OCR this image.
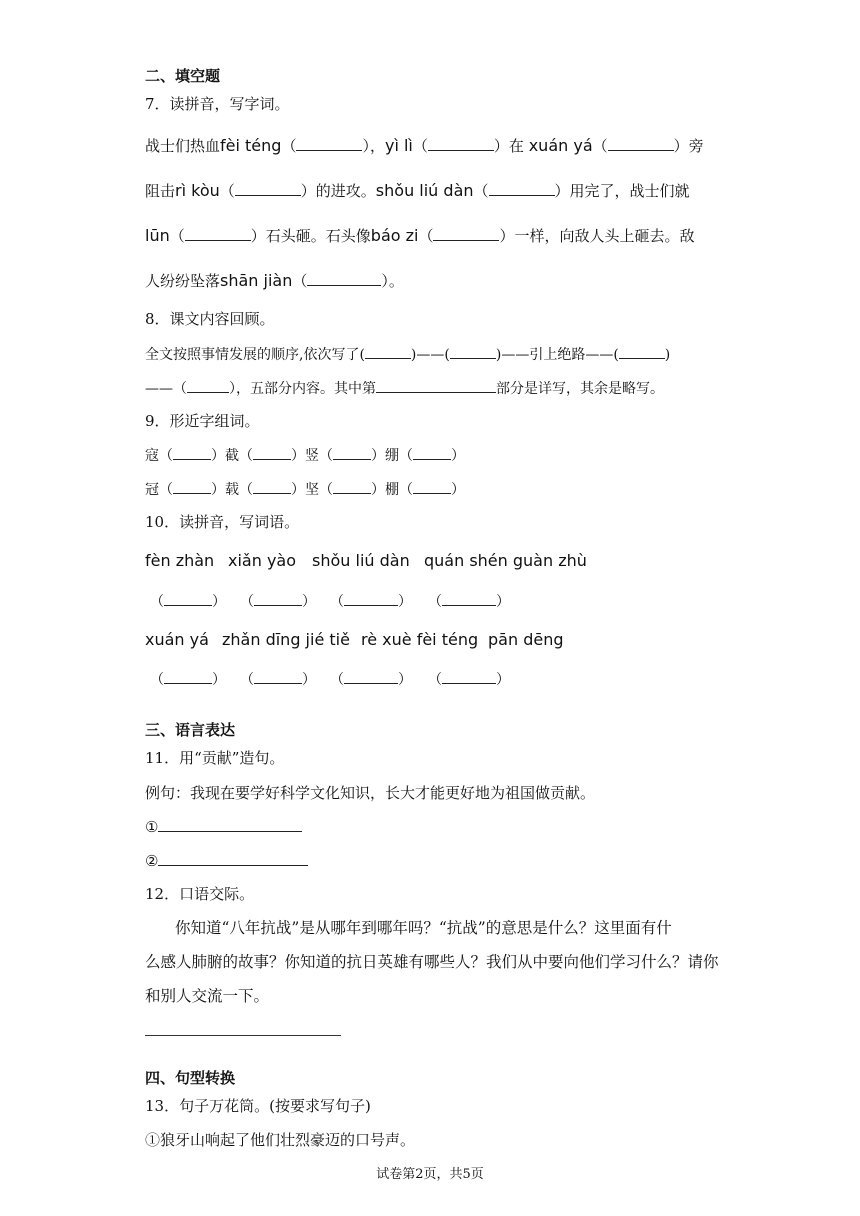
二、填空题
7．读拼音，写字词。
战士们热血fèi téng（	），yì lì（	）在 xuán yá（	）旁
阻击rì kòu（	）的进攻。shǒu liú dàn（	）用完了，战士们就
lūn（	）石头砸。石头像báo zi（	）一样，向敌人头上砸去。敌
人纷纷坠落shān jiàn（	）。
8．课文内容回顾。
全文按照事情发展的顺序,依次写了(	)——(	)——引上绝路——(	)
——（	），五部分内容。其中第	部分是详写，其余是略写。
9．形近字组词。
寇（	）截（	）竖（	）绷（	）
冠（	）载（	）坚（	）棚（	）
10．读拼音，写词语。
fèn zhàn xiǎn yào shǒu liú dàn quán shén guàn zhù
（	） （	） （	） （	）
xuán yá zhǎn dīng jié tiě rè xuè fèi téng pān dēng
（	） （	） （	） （	）
三、语言表达
11．用“贡献”造句。
例句：我现在要学好科学文化知识，长大才能更好地为祖国做贡献。
①
②
12．口语交际。
你知道“八年抗战”是从哪年到哪年吗？“抗战”的意思是什么？这里面有什
么感人肺腑的故事？你知道的抗日英雄有哪些人？我们从中要向他们学习什么？请你
和别人交流一下。
四、句型转换
13．句子万花筒。(按要求写句子)
①狼牙山响起了他们壮烈豪迈的口号声。
试卷第2页，共5页
